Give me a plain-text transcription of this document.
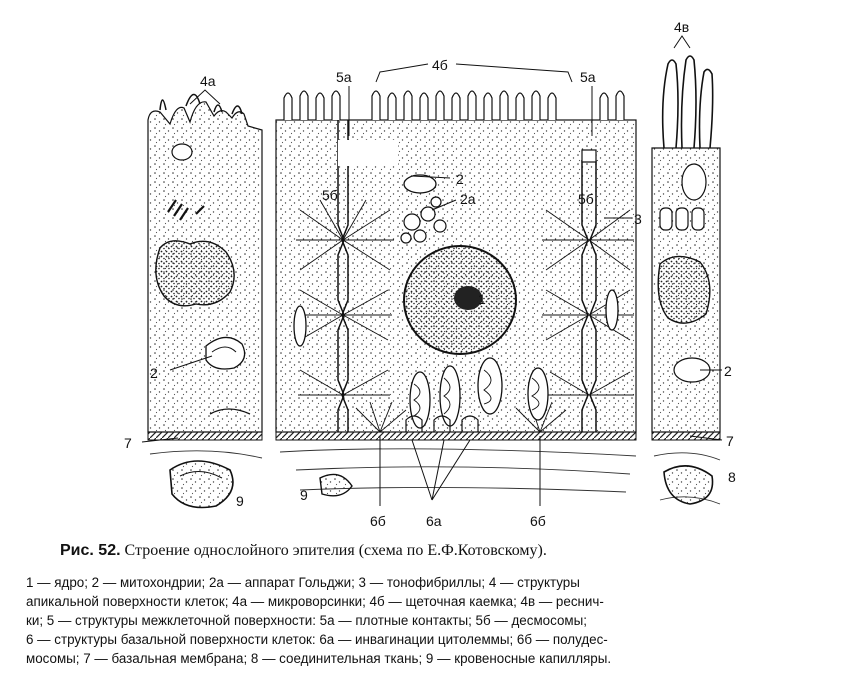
4а	5а
4б
5а
4в
1
2
2а
3
5б	5б
2
7
9	9
6б	6а	6б
7
2
8
Рис. 52. Строение однослойного эпителия (схема по Е.Ф.Котовскому).
1 — ядро; 2 — митохондрии; 2а — аппарат Гольджи; 3 — тонофибриллы; 4 — структуры
апикальной поверхности клеток; 4а — микроворсинки; 4б — щеточная каемка; 4в — реснич-
ки; 5 — структуры межклеточной поверхности: 5а — плотные контакты; 5б — десмосомы;
6 — структуры базальной поверхности клеток: 6а — инвагинации цитолеммы; 6б — полудес-
мосомы; 7 — базальная мембрана; 8 — соединительная ткань; 9 — кровеносные капилляры.
